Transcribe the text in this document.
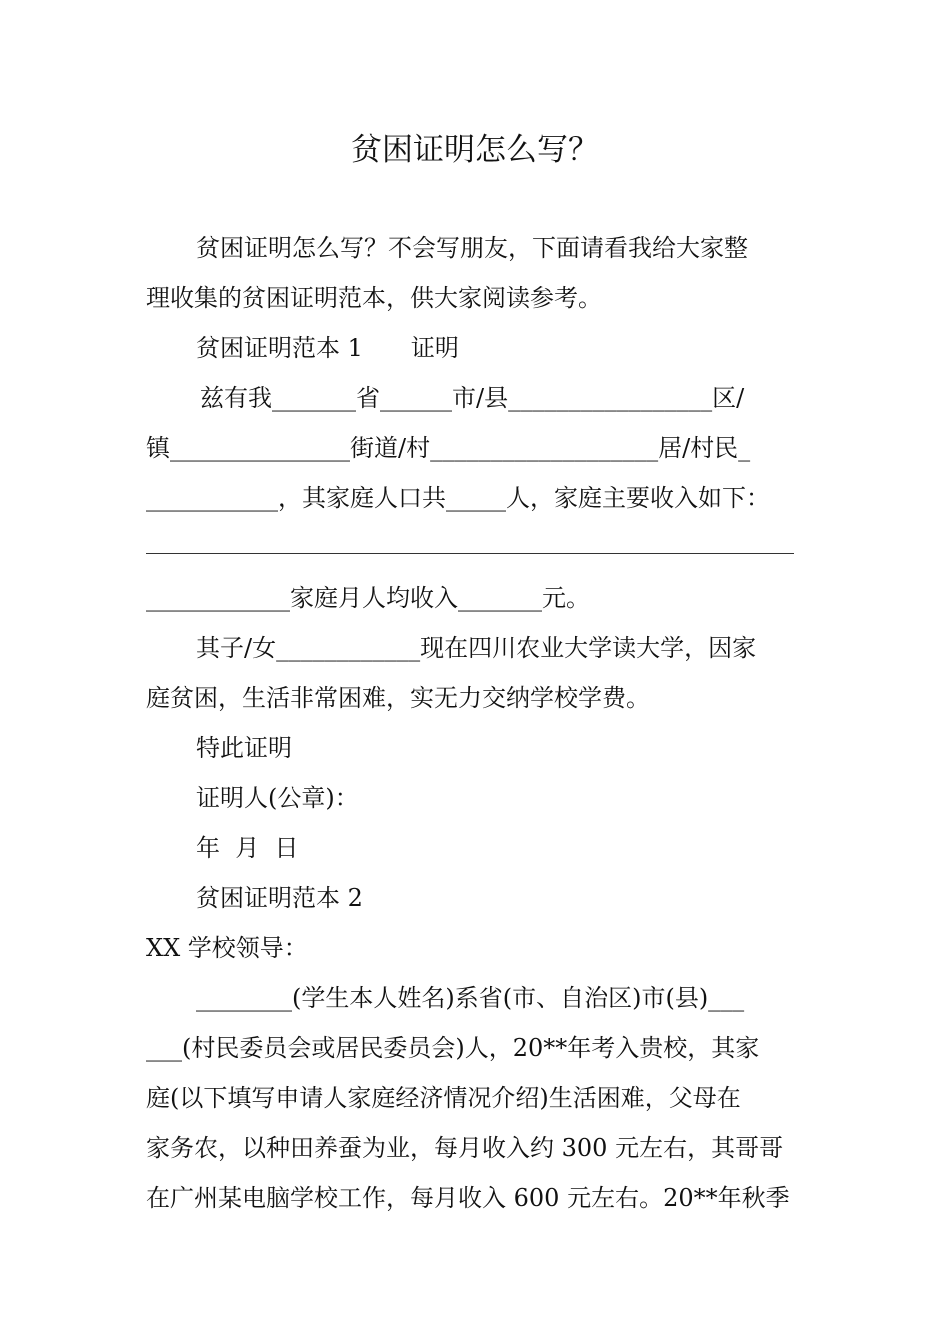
贫困证明怎么写？
贫困证明怎么写？不会写朋友，下面请看我给大家整
理收集的贫困证明范本，供大家阅读参考。
贫困证明范本 1 证明
兹有我_______省______市/县_________________区/
镇_______________街道/村___________________居/村民_
___________，其家庭人口共_____人，家庭主要收入如下：
____________家庭月人均收入_______元。
其子/女____________现在四川农业大学读大学，因家
庭贫困，生活非常困难，实无力交纳学校学费。
特此证明
证明人(公章)：
年  月  日
贫困证明范本 2
XX 学校领导：
________(学生本人姓名)系省(市、自治区)市(县)___
___(村民委员会或居民委员会)人，20**年考入贵校，其家
庭(以下填写申请人家庭经济情况介绍)生活困难，父母在
家务农，以种田养蚕为业，每月收入约 300 元左右，其哥哥
在广州某电脑学校工作，每月收入 600 元左右。20**年秋季
